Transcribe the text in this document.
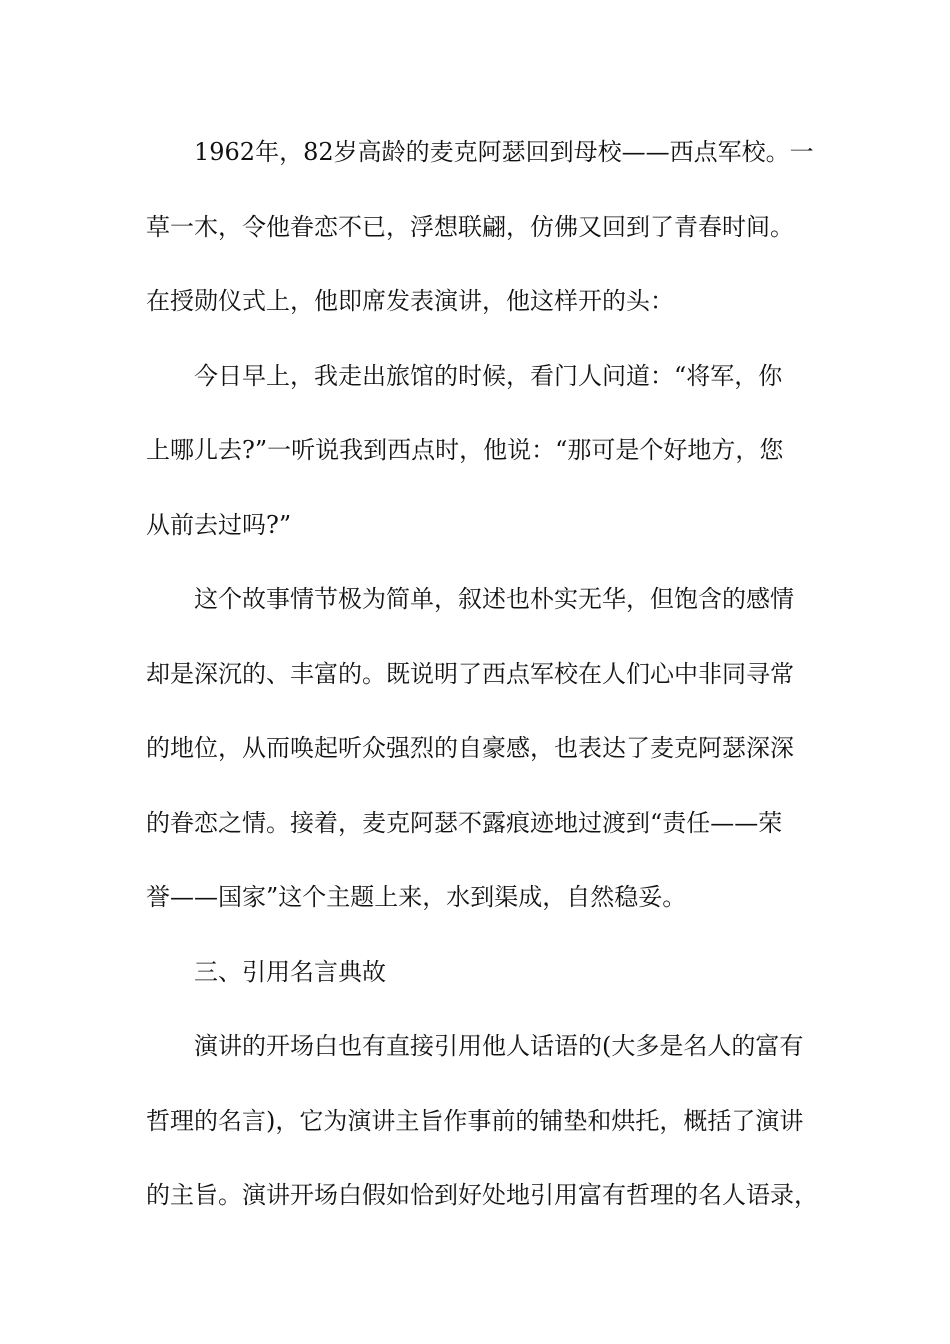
1962年，82岁高龄的麦克阿瑟回到母校——西点军校。一
草一木，令他眷恋不已，浮想联翩，仿佛又回到了青春时间。
在授勋仪式上，他即席发表演讲，他这样开的头：
今日早上，我走出旅馆的时候，看门人问道：“将军，你
上哪儿去?”一听说我到西点时，他说：“那可是个好地方，您
从前去过吗?”
这个故事情节极为简单，叙述也朴实无华，但饱含的感情
却是深沉的、丰富的。既说明了西点军校在人们心中非同寻常
的地位，从而唤起听众强烈的自豪感，也表达了麦克阿瑟深深
的眷恋之情。接着，麦克阿瑟不露痕迹地过渡到“责任——荣
誉——国家”这个主题上来，水到渠成，自然稳妥。
三、引用名言典故
演讲的开场白也有直接引用他人话语的(大多是名人的富有
哲理的名言)，它为演讲主旨作事前的铺垫和烘托，概括了演讲
的主旨。演讲开场白假如恰到好处地引用富有哲理的名人语录，
